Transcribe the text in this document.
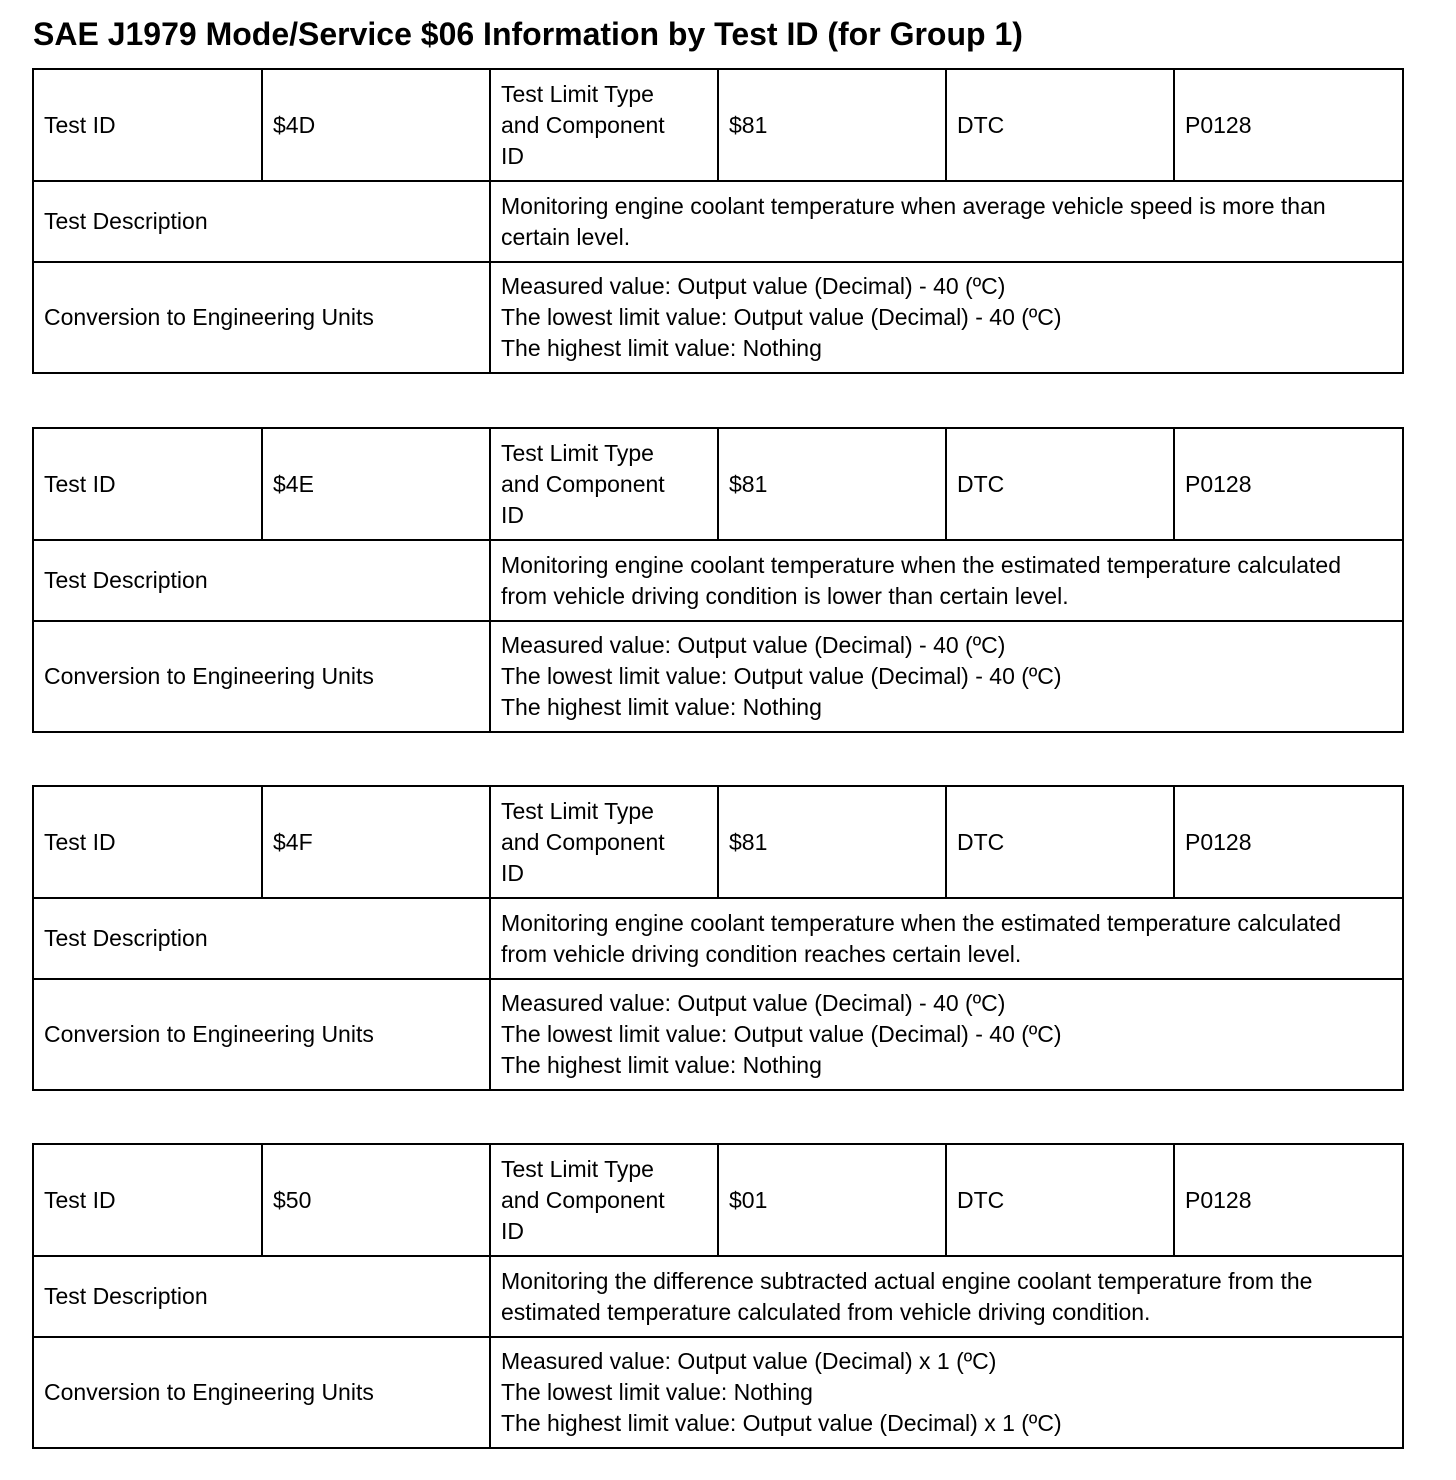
SAE J1979 Mode/Service $06 Information by Test ID (for Group 1)
Test ID	$4D	Test Limit Type
and Component
ID	$81	DTC	P0128
Test Description		Monitoring engine coolant temperature when average vehicle speed is more than certain level.			
Conversion to Engineering Units		Measured value: Output value (Decimal) - 40 (ºC)
The lowest limit value: Output value (Decimal) - 40 (ºC)
The highest limit value: Nothing			
Test ID	$4E	Test Limit Type
and Component
ID	$81	DTC	P0128
Test Description		Monitoring engine coolant temperature when the estimated temperature calculated from vehicle driving condition is lower than certain level.			
Conversion to Engineering Units		Measured value: Output value (Decimal) - 40 (ºC)
The lowest limit value: Output value (Decimal) - 40 (ºC)
The highest limit value: Nothing			
Test ID	$4F	Test Limit Type
and Component
ID	$81	DTC	P0128
Test Description		Monitoring engine coolant temperature when the estimated temperature calculated from vehicle driving condition reaches certain level.			
Conversion to Engineering Units		Measured value: Output value (Decimal) - 40 (ºC)
The lowest limit value: Output value (Decimal) - 40 (ºC)
The highest limit value: Nothing			
Test ID	$50	Test Limit Type
and Component
ID	$01	DTC	P0128
Test Description		Monitoring the difference subtracted actual engine coolant temperature from the estimated temperature calculated from vehicle driving condition.			
Conversion to Engineering Units		Measured value: Output value (Decimal) x 1 (ºC)
The lowest limit value: Nothing
The highest limit value: Output value (Decimal) x 1 (ºC)			
